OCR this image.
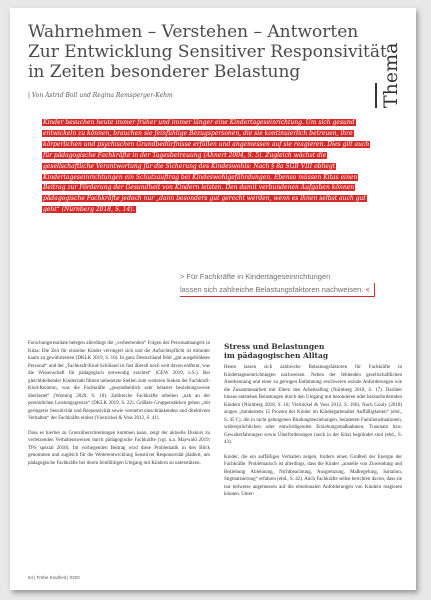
Wahrnehmen – Verstehen – Antworten
Zur Entwicklung Sensitiver Responsivität
in Zeiten besonderer Belastung
| Von Astrid Boll und Regina Remsperger-Kehm	Thema
Kinder besuchen heute immer früher und immer länger eine Kindertageseinrichtung. Um sich gesund entwickeln zu können, brauchen sie feinfühlige Bezugspersonen, die sie kontinuierlich betreuen, ihre körperlichen und psychischen Grundbedürfnisse erfüllen und angemessen auf sie reagieren. Dies gilt auch für pädagogische Fachkräfte in der Tagesbetreuung (Ahnert 2004, S. 5). Zugleich wächst die gesellschaftliche Verantwortung für die Sicherung des Kindeswohls: Nach § 8a SGB VIII obliegt Kindertageseinrichtungen ein Schutzauftrag bei Kindeswohlgefährdungen. Ebenso müssen Kitas einen Beitrag zur Förderung der Gesundheit von Kindern leisten. Den damit verbundenen Aufgaben können pädagogische Fachkräfte jedoch nur „dann besonders gut gerecht werden, wenn es ihnen selbst auch gut geht“ (Nürnberg 2018, S. 14).
> Für Fachkräfte in Kindertageseinrichtungen
lassen sich zahlreiche Belastungsfaktoren nachweisen. <

Forschungsresultate belegen allerdings die „verheerenden“ Folgen des Personalmangels in Kitas: Die Zeit für einzelne Kinder verringert sich und die Aufsichtspflicht ist mitunter kaum zu gewährleisten (DKLK 2019, S. 16). In ganz Deutschland fehlt „gut ausgebildetes Personal“ und der „Fachkraft-Kind-Schlüssel ist fast überall noch weit davon entfernt, was die Wissenschaft für pädagogisch notwendig erachtet“ (GEW 2019, o.S.). Bei gleichbleibender Kinderzahl führen unbesetzte Stellen zum weiteren Sinken der Fachkraft-Kind-Relation, was die Fachkräfte „gesundheitlich sehr belastet beziehungsweise überlastet“ (Warning 2020, S. 10). Zahlreiche Fachkräfte arbeiten „nah an der persönlichen Leistungsgrenze“ (DKLK 2019, S. 22). Größere Gruppenstärken gehen „mit geringerer Sensitivität und Responsivität sowie vermehrt einschränkenden und direktivem Verhalten“ der Fachkräfte einher (Viernickel & Voss 2012, S. 41).

Dass es hierbei zu Grenzüberschreitungen kommen kann, zeigt der aktuelle Diskurs zu verletzenden Verhaltensweisen durch pädagogische Fachkräfte (vgl. u.a. Maywald 2019; TPS spezial 2018). Im vorliegenden Beitrag wird diese Problematik in den Blick genommen und zugleich für die Weiterentwicklung Sensitiver Responsivität plädiert, um pädagogische Fachkräfte bei ihrem feinfühligen Umgang mit Kindern zu unterstützen.

Stress und Belastungen
im pädagogischen Alltag

Heute lassen sich zahlreiche Belastungsfaktoren für Fachkräfte in Kindertageseinrichtungen nachweisen. Neben der fehlenden gesellschaftlichen Anerkennung und einer zu geringen Entlohnung erschweren soziale Anforderungen wie die Zusammenarbeit mit Eltern den Arbeitsalltag (Nürnberg 2018, S. 17). Darüber hinaus entstehen Belastungen durch den Umgang mit besonderen oder herausfordernden Kindern (Nürnberg 2018, S. 18; Viernickel & Voss 2012, S. 166). Nach Gouly (2018) zeigen „mindestens 15 Prozent der Kinder im Kindergartenalter Auffälligkeiten“ (ebd., S. 45 f.), die in nicht gelungenen Bindungsbeziehungen, belasteten Familiensituationen, widersprüchlichen oder entwürdigenden Erziehungsmaßnahmen, Traumata bzw. Gewalterfahrungen sowie Überforderungen (auch in der Kita) begründet sind (ebd., S. 43).

Kinder, die ein auffälliges Verhalten zeigen, fordern einen Großteil der Energie der Fachkräfte. Problematisch ist allerdings, dass die Kinder „anstelle von Zuwendung und Beziehung Ablehnung, Nichtbeachtung, Ausgrenzung, Maßregelung, Isolation, Stigmatisierung“ erfahren (ebd., S. 42). Auch Fachkräfte selbst berichten davon, dass sie nur teilweise angemessen auf die emotionalen Anforderungen von Kindern reagieren können. Unter-

54 | Frühe Kindheit | 0320
